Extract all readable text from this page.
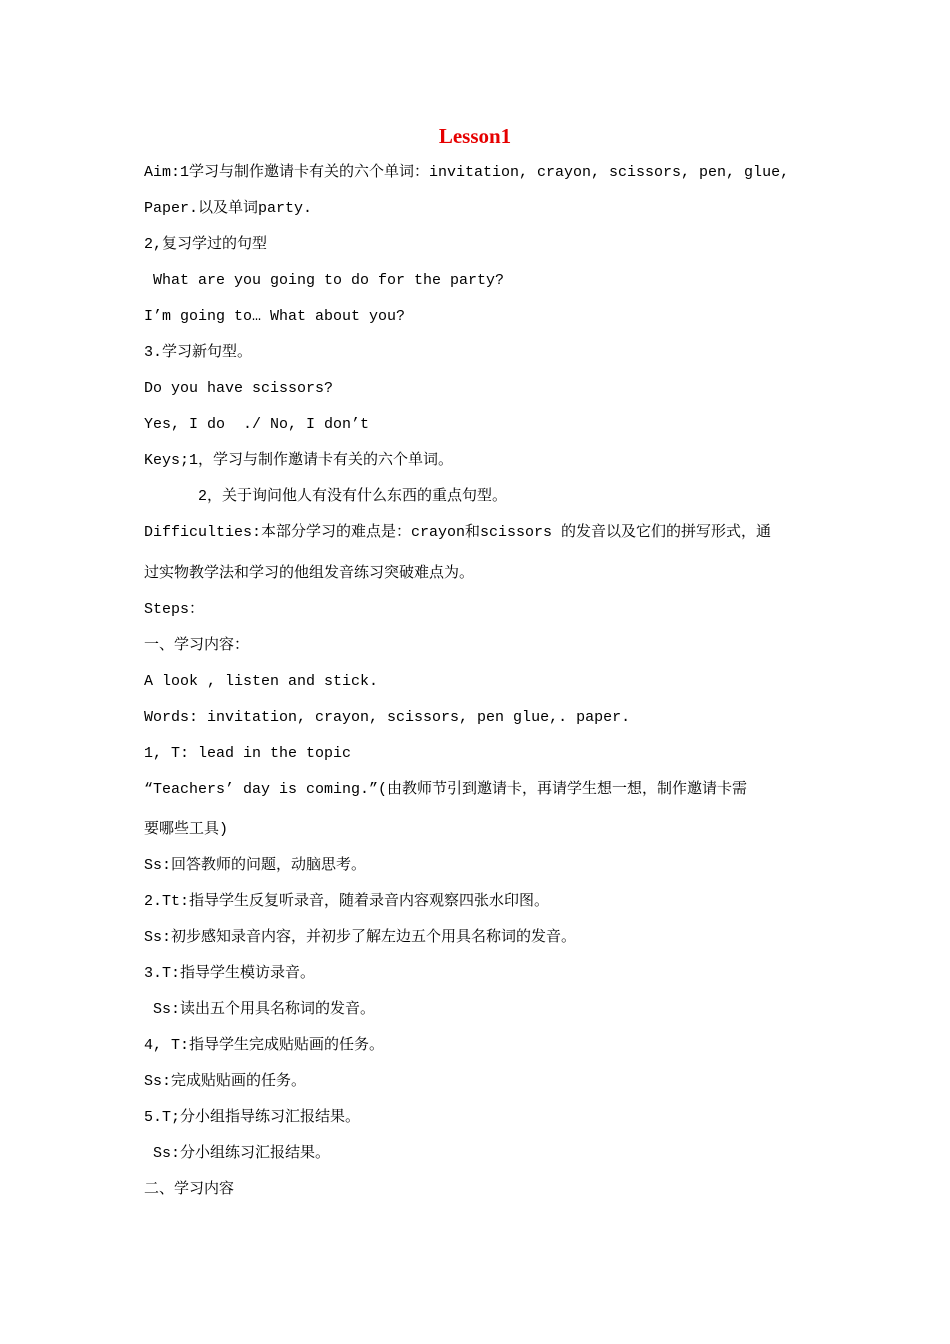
Lesson1
Aim:1学习与制作邀请卡有关的六个单词：invitation, crayon, scissors, pen, glue,
Paper.以及单词party.
2,复习学过的句型
What are you going to do for the party?
I’m going to… What about you?
3.学习新句型。
Do you have scissors?
Yes, I do  ./ No, I don’t
Keys;1，学习与制作邀请卡有关的六个单词。
2，关于询问他人有没有什么东西的重点句型。
Difficulties:本部分学习的难点是：crayon和scissors 的发音以及它们的拼写形式，通
过实物教学法和学习的他组发音练习突破难点为。
Steps：
一、学习内容：
A look , listen and stick.
Words: invitation, crayon, scissors, pen glue,. paper.
1, T: lead in the topic
“Teachers’ day is coming.”(由教师节引到邀请卡，再请学生想一想，制作邀请卡需
要哪些工具)
Ss:回答教师的问题，动脑思考。
2.Tt:指导学生反复听录音，随着录音内容观察四张水印图。
Ss:初步感知录音内容，并初步了解左边五个用具名称词的发音。
3.T:指导学生模访录音。
Ss:读出五个用具名称词的发音。
4, T:指导学生完成贴贴画的任务。
Ss:完成贴贴画的任务。
5.T;分小组指导练习汇报结果。
Ss:分小组练习汇报结果。
二、学习内容
